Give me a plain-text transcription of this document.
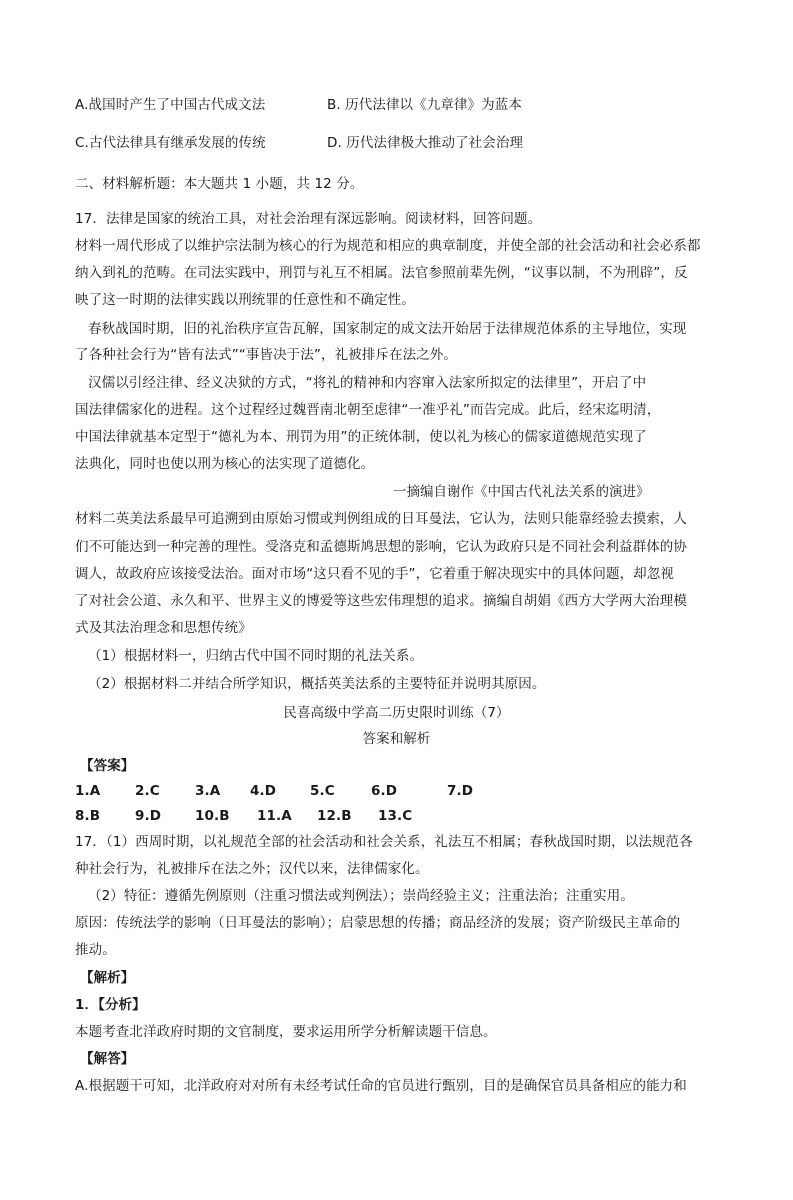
A.战国时产生了中国古代成文法	B. 历代法律以《九章律》为蓝本
C.古代法律具有继承发展的传统	D. 历代法律极大推动了社会治理
二、材料解析题：本大题共 1 小题，共 12 分。
17．法律是国家的统治工具，对社会治理有深远影响。阅读材料，回答问题。
材料一周代形成了以维护宗法制为核心的行为规范和相应的典章制度，并使全部的社会活动和社会必系都
纳入到礼的范畴。在司法实践中，刑罚与礼互不相属。法官参照前辈先例，“议事以制，不为刑辟”，反
映了这一时期的法律实践以刑统罪的任意性和不确定性。
春秋战国时期，旧的礼治秩序宣告瓦解，国家制定的成文法开始居于法律规范体系的主导地位，实现
了各种社会行为“皆有法式”“事皆决于法”，礼被排斥在法之外。
汉儒以引经注律、经义决狱的方式，“将礼的精神和内容窜入法家所拟定的法律里”，开启了中
国法律儒家化的进程。这个过程经过魏晋南北朝至虑律“一准乎礼”而告完成。此后，经宋迄明清，
中国法律就基本定型于“德礼为本、刑罚为用”的正统体制，使以礼为核心的儒家道德规范实现了
法典化，同时也使以刑为核心的法实现了道德化。
一摘编自谢作《中国古代礼法关系的演进》
材料二英美法系最早可追溯到由原始习惯或判例组成的日耳曼法，它认为，法则只能靠经验去摸索，人
们不可能达到一种完善的理性。受洛克和孟德斯鸠思想的影响，它认为政府只是不同社会利益群体的协
调人，故政府应该接受法治。面对市场“这只看不见的手”，它着重于解决现实中的具体问题，却忽视
了对社会公道、永久和平、世界主义的博爱等这些宏伟理想的追求。摘编自胡娟《西方大学两大治理模
式及其法治理念和思想传统》
（1）根据材料一，归纳古代中国不同时期的礼法关系。
（2）根据材料二并结合所学知识，概括英美法系的主要特征并说明其原因。
民喜高级中学高二历史限时训练（7）
答案和解析
【答案】
1.A	2.C	3.A 4.D	5.C	6.D	7.D
8.B	9.D	10.B 11.A 12.B 13.C
17．（1）西周时期，以礼规范全部的社会活动和社会关系，礼法互不相属；春秋战国时期，以法规范各
种社会行为，礼被排斥在法之外；汉代以来，法律儒家化。
（2）特征：遵循先例原则（注重习惯法或判例法）；崇尚经验主义；注重法治；注重实用。
原因：传统法学的影响（日耳曼法的影响）；启蒙思想的传播；商品经济的发展；资产阶级民主革命的
推动。
【解析】
1．【分析】
本题考查北洋政府时期的文官制度，要求运用所学分析解读题干信息。
【解答】
A.根据题干可知，北洋政府对对所有未经考试任命的官员进行甄别，目的是确保官员具备相应的能力和
